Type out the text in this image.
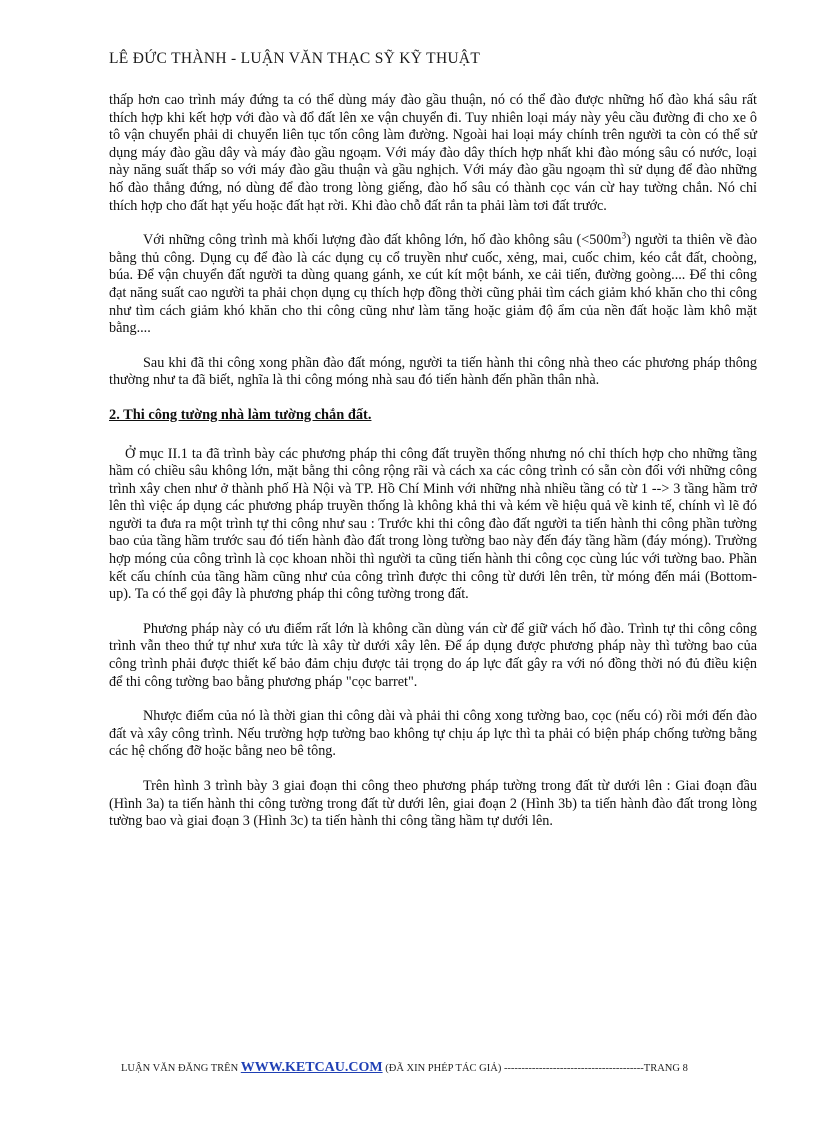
LÊ ĐỨC THÀNH - LUẬN VĂN THẠC SỸ KỸ THUẬT

thấp hơn cao trình máy đứng ta có thể dùng máy đào gầu thuận, nó có thể đào được những hố đào khá sâu rất thích hợp khi kết hợp với đào và đổ đất lên xe vận chuyển đi. Tuy nhiên loại máy này yêu cầu đường đi cho xe ô tô vận chuyển phải di chuyển liên tục tốn công làm đường. Ngoài hai loại máy chính trên người ta còn có thể sử dụng máy đào gầu dây và máy đào gầu ngoạm. Với máy đào dây thích hợp nhất khi đào móng sâu có nước, loại này năng suất thấp so với máy đào gầu thuận và gầu nghịch. Với máy đào gầu ngoạm thì sử dụng để đào những hố đào thẳng đứng, nó dùng để đào trong lòng giếng, đào hố sâu có thành cọc ván cừ hay tường chắn. Nó chỉ thích hợp cho đất hạt yếu hoặc đất hạt rời. Khi đào chỗ đất rắn ta phải làm tơi đất trước.

Với những công trình mà khối lượng đào đất không lớn, hố đào không sâu $(<500m^3)$ người ta thiên về đào bằng thủ công. Dụng cụ để đào là các dụng cụ cổ truyền như cuốc, xẻng, mai, cuốc chim, kéo cắt đất, choòng, búa. Để vận chuyển đất người ta dùng quang gánh, xe cút kít một bánh, xe cải tiến, đường goòng.... Để thi công đạt năng suất cao người ta phải chọn dụng cụ thích hợp đồng thời cũng phải tìm cách giảm khó khăn cho thi công như tìm cách giảm khó khăn cho thi công cũng như làm tăng hoặc giảm độ ẩm của nền đất hoặc làm khô mặt bằng....

Sau khi đã thi công xong phần đào đất móng, người ta tiến hành thi công nhà theo các phương pháp thông thường như ta đã biết, nghĩa là thi công móng nhà sau đó tiến hành đến phần thân nhà.

2. Thi công tường nhà làm tường chắn đất.

Ở mục II.1 ta đã trình bày các phương pháp thi công đất truyền thống nhưng nó chỉ thích hợp cho những tầng hầm có chiều sâu không lớn, mặt bằng thi công rộng rãi và cách xa các công trình có sẵn còn đối với những công trình xây chen như ở thành phố Hà Nội và TP. Hồ Chí Minh với những nhà nhiều tầng có từ 1 --> 3 tầng hầm trở lên thì việc áp dụng các phương pháp truyền thống là không khả thi và kém về hiệu quả về kinh tế, chính vì lẽ đó người ta đưa ra một trình tự thi công như sau : Trước khi thi công đào đất người ta tiến hành thi công phần tường bao của tầng hầm trước sau đó tiến hành đào đất trong lòng tường bao này đến đáy tầng hầm (đáy móng). Trường hợp móng của công trình là cọc khoan nhồi thì người ta cũng tiến hành thi công cọc cùng lúc với tường bao. Phần kết cấu chính của tầng hầm cũng như của công trình được thi công từ dưới lên trên, từ móng đến mái (Bottom-up). Ta có thể gọi đây là phương pháp thi công tường trong đất.

Phương pháp này có ưu điểm rất lớn là không cần dùng ván cừ để giữ vách hố đào. Trình tự thi công công trình vẫn theo thứ tự như xưa tức là xây từ dưới xây lên. Để áp dụng được phương pháp này thì tường bao của công trình phải được thiết kế bảo đảm chịu được tải trọng do áp lực đất gây ra với nó đồng thời nó đủ điều kiện để thi công tường bao bằng phương pháp "cọc barret".

Nhược điểm của nó là thời gian thi công dài và phải thi công xong tường bao, cọc (nếu có) rồi mới đến đào đất và xây công trình. Nếu trường hợp tường bao không tự chịu áp lực thì ta phải có biện pháp chống tường bằng các hệ chống đỡ hoặc bằng neo bê tông.

Trên hình 3 trình bày 3 giai đoạn thi công theo phương pháp tường trong đất từ dưới lên : Giai đoạn đầu (Hình 3a) ta tiến hành thi công tường trong đất từ dưới lên, giai đoạn 2 (Hình 3b) ta tiến hành đào đất trong lòng tường bao và giai đoạn 3 (Hình 3c) ta tiến hành thi công tầng hầm tự dưới lên.

LUẬN VĂN ĐĂNG TRÊN WWW.KETCAU.COM (ĐÃ XIN PHÉP TÁC GIẢ) ----------------------------------------TRANG 8
